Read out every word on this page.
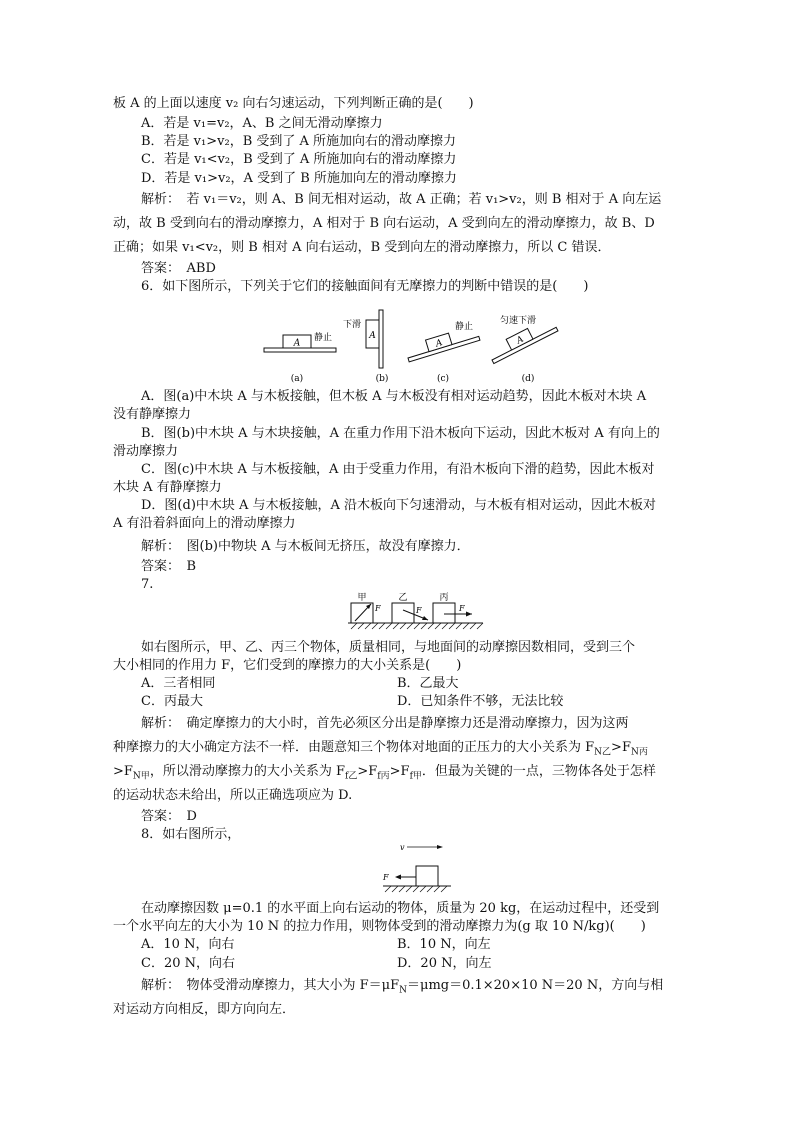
板 A 的上面以速度 v₂ 向右匀速运动，下列判断正确的是(　　)
A．若是 v₁=v₂，A、B 之间无滑动摩擦力
B．若是 v₁>v₂，B 受到了 A 所施加向右的滑动摩擦力
C．若是 v₁<v₂，B 受到了 A 所施加向右的滑动摩擦力
D．若是 v₁>v₂，A 受到了 B 所施加向左的滑动摩擦力
解析：　若 v₁＝v₂，则 A、B 间无相对运动，故 A 正确；若 v₁>v₂，则 B 相对于 A 向左运
动，故 B 受到向右的滑动摩擦力，A 相对于 B 向右运动，A 受到向左的滑动摩擦力，故 B、D
正确；如果 v₁<v₂，则 B 相对 A 向右运动，B 受到向左的滑动摩擦力，所以 C 错误．
答案：　ABD
6．如下图所示，下列关于它们的接触面间有无摩擦力的判断中错误的是(　　)
A
静止	A
下滑
A
静止
A
匀速下滑
(a)	(b)	(c)	(d)
A．图(a)中木块 A 与木板接触，但木板 A 与木板没有相对运动趋势，因此木板对木块 A
没有静摩擦力
B．图(b)中木块 A 与木块接触，A 在重力作用下沿木板向下运动，因此木板对 A 有向上的
滑动摩擦力
C．图(c)中木块 A 与木板接触，A 由于受重力作用，有沿木板向下滑的趋势，因此木板对
木块 A 有静摩擦力
D．图(d)中木块 A 与木板接触，A 沿木板向下匀速滑动，与木板有相对运动，因此木板对
A 有沿着斜面向上的滑动摩擦力
解析：　图(b)中物块 A 与木板间无挤压，故没有摩擦力．
答案：　B
7.
甲
F
乙
F
丙
F
如右图所示，甲、乙、丙三个物体，质量相同，与地面间的动摩擦因数相同，受到三个
大小相同的作用力 F，它们受到的摩擦力的大小关系是(　　)
A．三者相同	B．乙最大
C．丙最大	D．已知条件不够，无法比较
解析：　确定摩擦力的大小时，首先必须区分出是静摩擦力还是滑动摩擦力，因为这两
种摩擦力的大小确定方法不一样．由题意知三个物体对地面的正压力的大小关系为 $F_{N乙}>F_{N丙}$
$>F_{N甲}$，所以滑动摩擦力的大小关系为 $F_{f乙}>F_{f丙}>F_{f甲}$．但最为关键的一点，三物体各处于怎样
的运动状态未给出，所以正确选项应为 D.
答案：　D
8．如右图所示，
v
F
在动摩擦因数 μ=0.1 的水平面上向右运动的物体，质量为 20 kg，在运动过程中，还受到
一个水平向左的大小为 10 N 的拉力作用，则物体受到的滑动摩擦力为(g 取 10 N/kg)(　　)
A．10 N，向右	B．10 N，向左
C．20 N，向右	D．20 N，向左
解析：　物体受滑动摩擦力，其大小为 $F=\mu F_N=\mu mg=0.1\times 20\times 10$ N＝20 N，方向与相
对运动方向相反，即方向向左．
